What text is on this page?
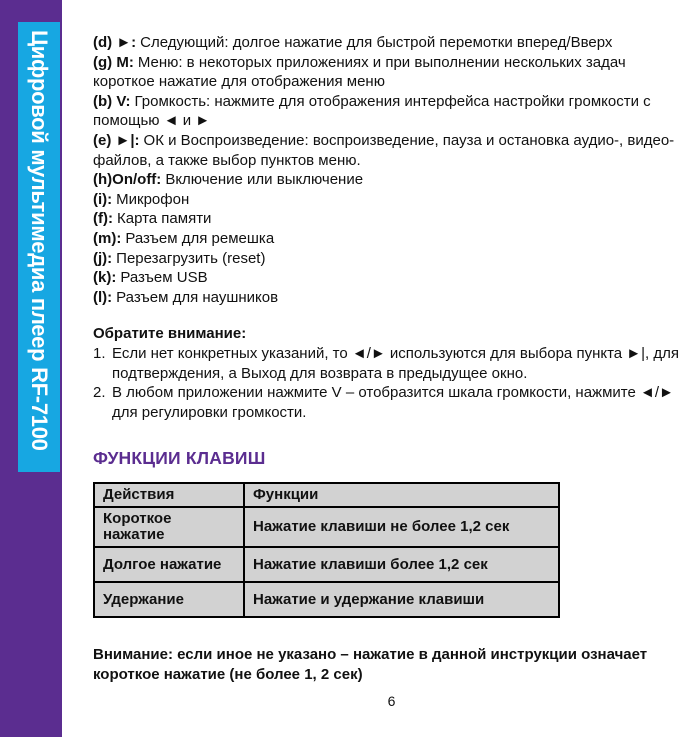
Цифровой мультимедиа плеер RF-7100	(d) ►: Следующий: долгое нажатие для быстрой перемотки вперед/Вверх
(g) M: Меню: в некоторых приложениях и при выполнении нескольких задач короткое нажатие для отображения меню
(b) V: Громкость: нажмите для отображения интерфейса настройки громкости с помощью ◄ и ►
(e) ►|: ОК и Воспроизведение: воспроизведение, пауза и остановка аудио-, видео- файлов, а также выбор пунктов меню.
(h)On/off: Включение или выключение
(i): Микрофон
(f): Карта памяти
(m): Разъем для ремешка
(j): Перезагрузить (reset)
(k): Разъем USB
(l): Разъем для наушников
Обратите внимание:
1. Если нет конкретных указаний, то ◄/► используются для выбора пункта ►|, для подтверждения, а Выход для возврата в предыдущее окно.
2. В любом приложении нажмите V – отобразится шкала громкости, нажмите ◄/► для регулировки громкости.
ФУНКЦИИ КЛАВИШ
Действия	Функции
Короткое нажатие	Нажатие клавиши не более 1,2 сек
Долгое нажатие	Нажатие клавиши более 1,2 сек
Удержание	Нажатие и удержание клавиши

Внимание: если иное не указано – нажатие в данной инструкции означает короткое нажатие (не более 1, 2 сек)

6
